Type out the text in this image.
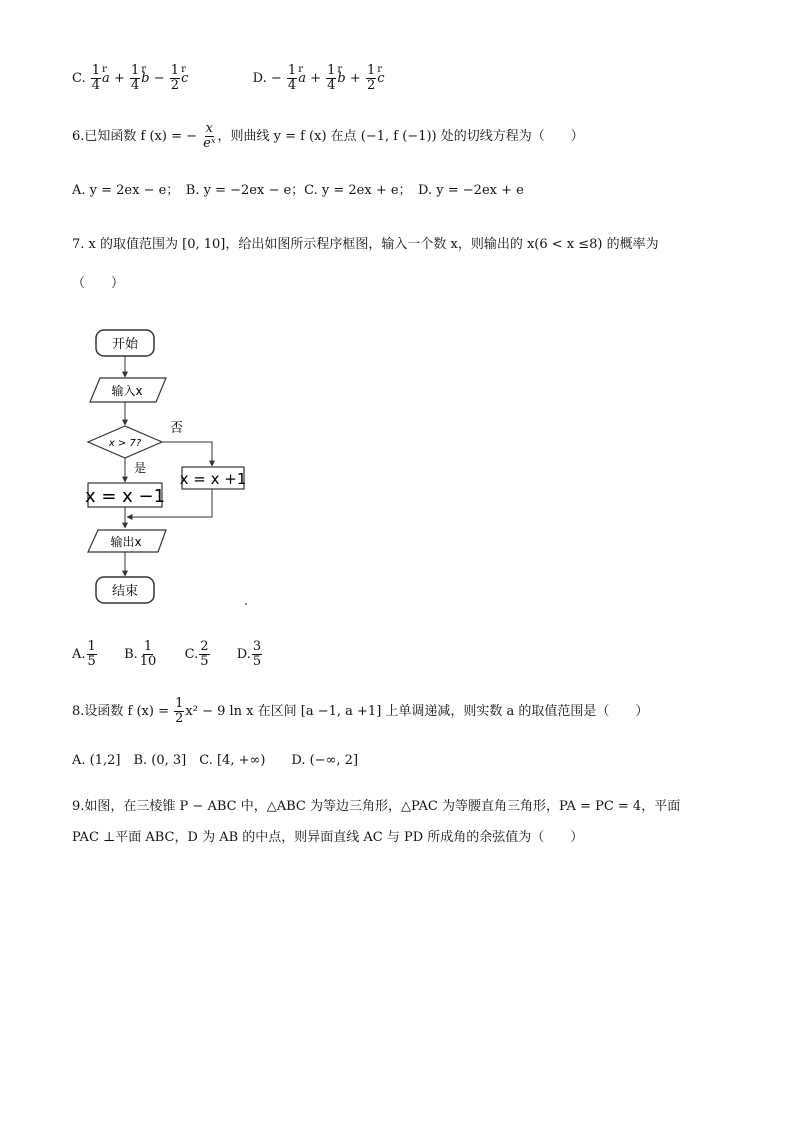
C. $\frac{1}{4}$ r $a + \frac{1}{4}$ r $b - \frac{1}{2}$ r c	D. − $\frac{1}{4}$ r $a + \frac{1}{4}$ r $b + \frac{1}{2}$ r c
6.已知函数 f (x) = − $\frac{x}{\text{eˣ}}$ ，则曲线 y = f (x) 在点 (−1, f (−1)) 处的切线方程为（　　）
A. y = 2ex − e；　B. y = −2ex − e；C. y = 2ex + e；　D. y = −2ex + e
7. x 的取值范围为 [0, 10]，给出如图所示程序框图，输入一个数 x，则输出的 x(6 < x ≤8) 的概率为
（　　）
开始
输入x
x > 7?
否
是
x = x +1
x = x −1
输出x
结束
A. $\frac{1}{5} B$. $\frac{1}{10} C$. $\frac{2}{5} D$. $\frac{3}{5}$
8.设函数 f $(x) = \frac{1}{2} x^2 - 9$ ln x 在区间 [a −1, a +1] 上单调递减，则实数 a 的取值范围是（　　）
A. (1,2]　B. (0, 3]　C. [4, +∞)　　D. (−∞, 2]
9.如图，在三棱锥 P − ABC 中，△ABC 为等边三角形，△PAC 为等腰直角三角形，PA = PC = 4，平面
PAC ⊥平面 ABC，D 为 AB 的中点，则异面直线 AC 与 PD 所成角的余弦值为（　　）
